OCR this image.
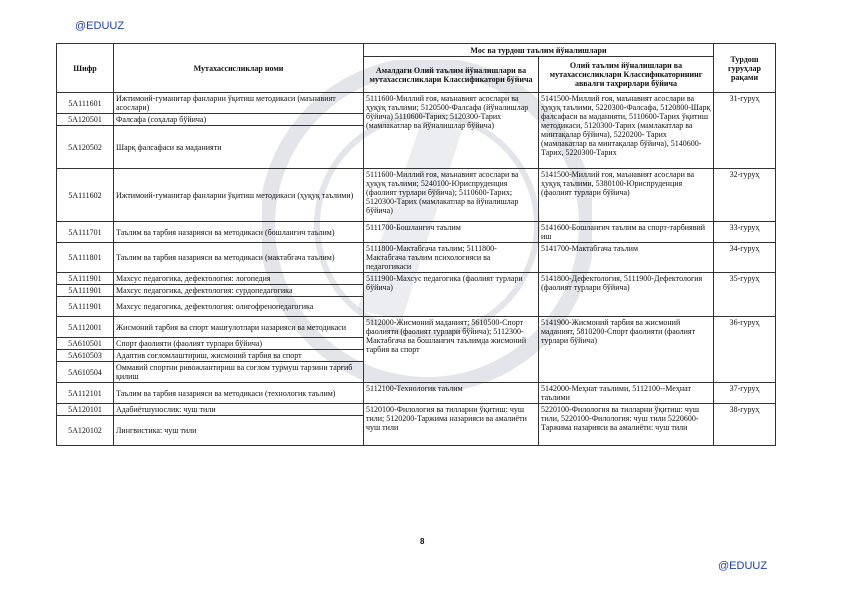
@EDUUZ
Шифр	Мутахассисликлар номи	Мос ва турдош таълим йўналишлари		Турдош гуруҳлар рақами
		Амалдаги Олий таълим йўналишлари ва мутахассисликлари Классификатори бўйича	Олий таълим йўналишлари ва мутахассисликлари Классификаторининг аввалги таҳрирлари бўйича	
5A111601	Ижтимоий-гуманитар фанларни ўқитиш методикаси (маънавият асослари)	5111600-Миллий ғоя, маънавият асослари ва ҳуқуқ таълими; 5120500-Фалсафа (йўналишлар бўйича) 5110600-Тарих; 5120300-Тарих (мамлакатлар ва йўналишлар бўйича)	5141500-Миллий ғоя, маънавият асослари ва ҳуқуқ таълими, 5220300-Фалсафа, 5120800-Шарқ фалсафаси ва маданияти, 5110600-Тарих ўқитиш методикаси, 5120300-Тарих (мамлакатлар ва минтақалар бўйича), 5220200- Тарих (мамлакатлар ва минтақалар бўйича), 5140600-Тарих, 5220300-Тарих	31-гуруҳ
5A120501	Фалсафа (соҳалар бўйича)			
5A120502	Шарқ фалсафаси ва маданияти			
5A111602	Ижтимоий-гуманитар фанларни ўқитиш методикаси (ҳуқуқ таълими)	5111600-Миллий ғоя, маънавият асослари ва ҳуқуқ таълими; 5240100-Юриспруденция (фаолият турлари бўйича); 5110600-Тарих; 5120300-Тарих (мамлакатлар ва йўналишлар бўйича)	5141500-Миллий ғоя, маънавият асослари ва ҳуқуқ таълими, 5380100-Юриспруденция (фаолият турлари бўйича)	32-гуруҳ
5A111701	Таълим ва тарбия назарияси ва методикаси (бошланғич таълим)	5111700-Бошланғич таълим	5141600-Бошланғич таълим ва спорт-тарбиявий иш	33-гуруҳ
5A111801	Таълим ва тарбия назарияси ва методикаси (мактабгача таълим)	5111800-Мактабгача таълим; 5111800-Мактабгача таълим психологияси ва педагогикаси	5141700-Мактабгача таълим	34-гуруҳ
5A111901	Махсус педагогика, дефектология: логопедия	5111900-Махсус педагогика (фаолият турлари бўйича)	5141800-Дефектология, 5111900-Дефектология (фаолият турлари бўйича)	35-гуруҳ
5A111901	Махсус педагогика, дефектология: сурдопедагогика			
5A111901	Махсус педагогика, дефектология: олигофренопедагогика			
5A112001	Жисмоний тарбия ва спорт машғулотлари назарияси ва методикаси	5112000-Жисмоний маданият; 5610500-Спорт фаолияти (фаолият турлари бўйича); 5112300-Мактабгача ва бошланғич таълимда жисмоний тарбия ва спорт	5141900-Жисмоний тарбия ва жисмоний маданият, 5810200-Спорт фаолияти (фаолият турлари бўйича)	36-гуруҳ
5A610501	Спорт фаолияти (фаолият турлари бўйича)			
5A610503	Адаптив соғломлаштириш, жисмоний тарбия ва спорт			
5A610504	Оммавий спортни ривожлантириш ва соғлом турмуш тарзини тарғиб қилиш			
5A112101	Таълим ва тарбия назарияси ва методикаси (технологик таълим)	5112100-Технологик таълим	5142000-Меҳнат таълими, 5112100--Меҳнат таълими	37-гуруҳ
5A120101	Адабиётшунослик: чуш тили	5120100-Филология ва тилларни ўқитиш: чуш тили; 5120200-Таржима назарияси ва амалиёти чуш тили	5220100-Филология ва тилларни ўқитиш: чуш тили, 5220100-Филология: чуш тили 5220600-Таржима назарияси ва амалиёти: чуш тили	38-гуруҳ
5A120102	Лингвистика: чуш тили			
8
@EDUUZ
